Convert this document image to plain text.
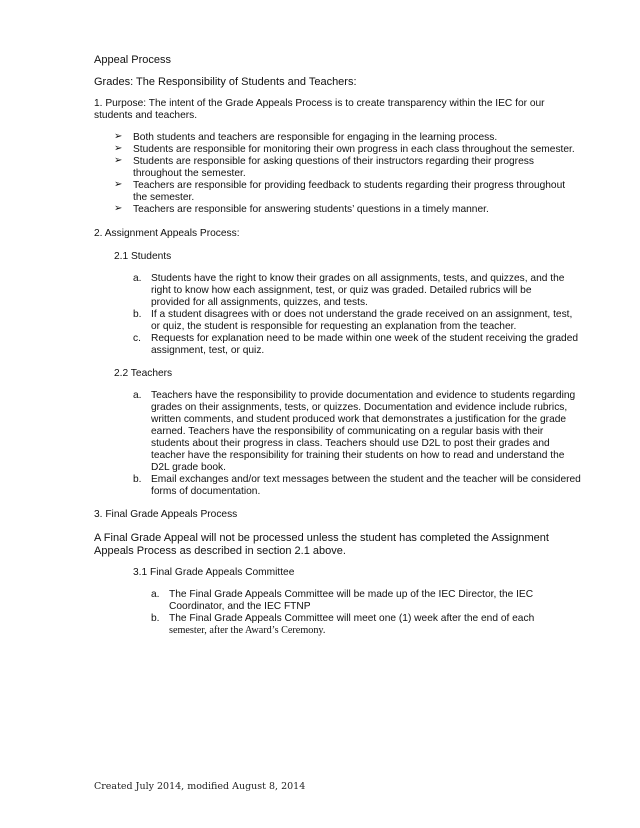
Appeal Process
Grades: The Responsibility of Students and Teachers:
1. Purpose: The intent of the Grade Appeals Process is to create transparency within the IEC for our
students and teachers.
➢ Both students and teachers are responsible for engaging in the learning process.
➢ Students are responsible for monitoring their own progress in each class throughout the semester.
➢ Students are responsible for asking questions of their instructors regarding their progress
throughout the semester.
➢ Teachers are responsible for providing feedback to students regarding their progress throughout
the semester.
➢ Teachers are responsible for answering students’ questions in a timely manner.
2. Assignment Appeals Process:
2.1 Students
a. Students have the right to know their grades on all assignments, tests, and quizzes, and the
right to know how each assignment, test, or quiz was graded. Detailed rubrics will be
provided for all assignments, quizzes, and tests.
b. If a student disagrees with or does not understand the grade received on an assignment, test,
or quiz, the student is responsible for requesting an explanation from the teacher.
c. Requests for explanation need to be made within one week of the student receiving the graded
assignment, test, or quiz.
2.2 Teachers
a. Teachers have the responsibility to provide documentation and evidence to students regarding
grades on their assignments, tests, or quizzes. Documentation and evidence include rubrics,
written comments, and student produced work that demonstrates a justification for the grade
earned. Teachers have the responsibility of communicating on a regular basis with their
students about their progress in class. Teachers should use D2L to post their grades and
teacher have the responsibility for training their students on how to read and understand the
D2L grade book.
b. Email exchanges and/or text messages between the student and the teacher will be considered
forms of documentation.
3. Final Grade Appeals Process
A Final Grade Appeal will not be processed unless the student has completed the Assignment
Appeals Process as described in section 2.1 above.
3.1 Final Grade Appeals Committee
a. The Final Grade Appeals Committee will be made up of the IEC Director, the IEC
Coordinator, and the IEC FTNP
b. The Final Grade Appeals Committee will meet one (1) week after the end of each
semester, after the Award’s Ceremony.
Created July 2014, modified August 8, 2014
